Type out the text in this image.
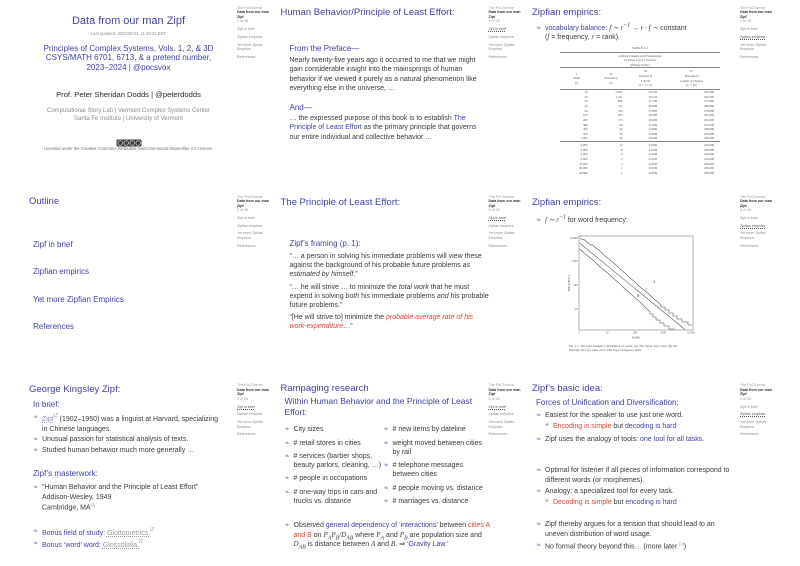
Data from our man Zipf
Last updated: 2023/08/22, 11:48:21 EDT
Principles of Complex Systems, Vols. 1, 2, & 3D
CSYS/MATH 6701, 6713, & a pretend number,
2023–2024 | @pocsvox
Prof. Peter Sheridan Dodds | @peterdodds
Computational Story Lab | Vermont Complex Systems Center
Santa Fe Institute | University of Vermont
Licensed under the Creative Commons Attribution-NonCommercial-ShareAlike 3.0 License.
The PoCSverse
Data from our man Zipf
1 of 28
Zipf in brief
Zipfian empirics
Yet more Zipfian Empirics
References
Outline
Zipf in brief
Zipfian empirics
Yet more Zipfian Empirics
References
The PoCSverse
Data from our man Zipf
2 of 28
Zipf in brief
Zipfian empirics
Yet more Zipfian Empirics
References
George Kingsley Zipf:
In brief:
❧ Zipf (1902–1950) was a linguist at Harvard, specializing in Chinese languages.
❧ Unusual passion for statistical analysis of texts.
❧ Studied human behavior much more generally …
Zipf’s masterwork:
❧ “Human Behavior and the Principle of Least Effort”
Addison-Wesley, 1949
Cambridge, MA[2]
❧ Bonus field of study: Glottometrics.
❧ Bonus ‘word’ word: Glossolalia.
The PoCSverse
Data from our man Zipf
3 of 28
Zipf in brief
Zipfian empirics
Yet more Zipfian Empirics
References
Human Behavior/Principle of Least Effort:
From the Preface—
Nearly twenty-five years ago it occurred to me that we might gain considerable insight into the mainsprings of human behavior if we viewed it purely as a natural phenomenon like everything else in the universe, …
And—
… the expressed purpose of this book is to establish The Principle of Least Effort as the primary principle that governs our entire individual and collective behavior …
The PoCSverse
Data from our man Zipf
4 of 28
Zipf in brief
Zipfian empirics
Yet more Zipfian Empirics
References
The Principle of Least Effort:
Zipf’s framing (p. 1):
“… a person in solving his immediate problems will view these against the background of his probable future problems as estimated by himself.”
“… he will strive … to minimize the total work that he must expend in solving both his immediate problems and his probable future problems.”
“[He will strive to] minimize the probable average rate of his work-expenditure…”
The PoCSverse
Data from our man Zipf
5 of 28
Zipf in brief
Zipfian empirics
Yet more Zipfian Empirics
References
Rampaging research
Within Human Behavior and the Principle of Least Effort:
❧ City sizes
❧ # retail stores in cities
❧ # services (barber shops, beauty parlors, cleaning, …)
❧ # people in occupations
❧ # one-way trips in cars and trucks vs. distance
❧ # new items by dateline
❧ weight moved between cities by rail
❧ # telephone messages between cities
❧ # people moving vs. distance
❧ # marriages vs. distance
❧ Observed general dependency of ‘interactions’ between cities A and B on $P_AP_B/D_{AB}$ where $P_A$ and $P_B$ are population size and $D_{AB}$ is distance between A and B. ⇒ ‘Gravity Law.’
The PoCSverse
Data from our man Zipf
6 of 28
Zipf in brief
Zipfian empirics
Yet more Zipfian Empirics
References
Zipfian empirics:
❧ vocabulary balance: f ∼ $r^{-1} \to r \cdot f$ ∼ constant
(f = frequency, r = rank).
TABLE 2-1
Arbitrary Ranks with Frequencies
in James Joyce’s Ulysses
(Hanley Index)
I
Rank
(r)	II
Frequency
(f)	III
Product of
I and II
(r × f = C)	IV
Theoretical
Length of Ulysses
(C × 10)
10	2,653	26,530	265,300
20	1,311	26,220	262,200
30	926	27,780	277,800
40	717	28,680	286,800
50	556	27,800	278,000
100	265	26,500	265,000
200	133	26,600	266,000
300	84	25,200	252,000
400	62	24,800	248,000
500	50	25,000	250,000
1,000	26	26,000	260,000
2,000	12	24,000	240,000
3,000	8	24,000	240,000
4,000	6	24,000	240,000
5,000	5	25,000	250,000
10,000	2	20,000	200,000
20,000	1	20,000	200,000
29,899	1	29,899	298,990
The PoCSverse
Data from our man Zipf
7 of 28
Zipf in brief
Zipfian empirics
Yet more Zipfian Empirics
References
Zipfian empirics:
❧ f ∼ $r^{-1}$ for word frequency:
10,000
1000
100
10
1	10	100	1000	10,000
FREQUENCY
RANK
A
C
B
Fig. 2-1. The rank-frequency distribution of words. (A) The James Joyce data; (B) the Eldridge data; (C) ideal curve with slope of negative unity.
The PoCSverse
Data from our man Zipf
8 of 28
Zipf in brief
Zipfian empirics
Yet more Zipfian Empirics
References
Zipf’s basic idea:
Forces of Unification and Diversification:
❧ Easiest for the speaker to use just one word.
❦ Encoding is simple but decoding is hard
❧ Zipf uses the analogy of tools: one tool for all tasks.
❧ Optimal for listener if all pieces of information correspond to different words (or morphemes).
❧ Analogy: a specialized tool for every task.
❦ Decoding is simple but encoding is hard
❧ Zipf thereby argues for a tension that should lead to an uneven distribution of word usage.
❧ No formal theory beyond this… (more later [1])
The PoCSverse
Data from our man Zipf
9 of 28
Zipf in brief
Zipfian empirics
Yet more Zipfian Empirics
References
